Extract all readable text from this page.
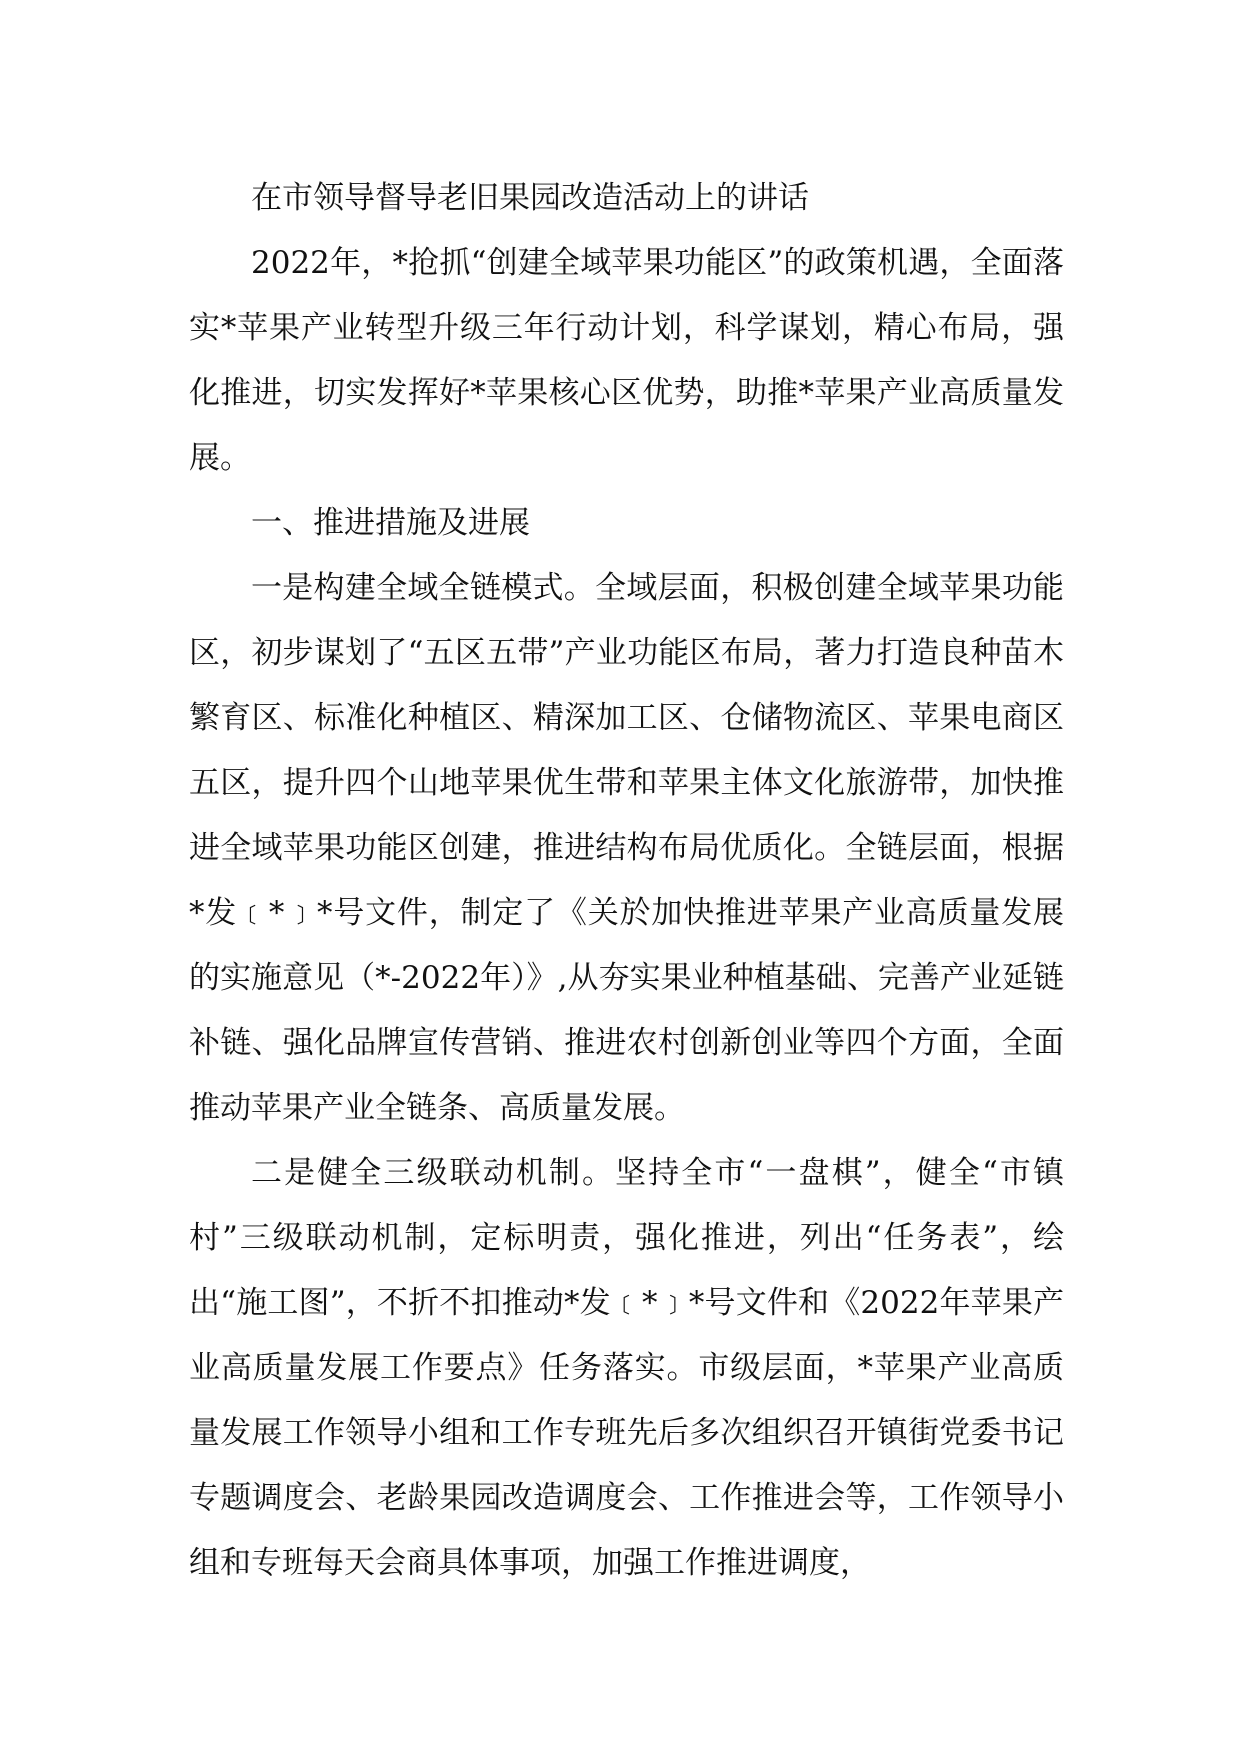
在市领导督导老旧果园改造活动上的讲话

2022年，*抢抓“创建全域苹果功能区”的政策机遇，全面落实*苹果产业转型升级三年行动计划，科学谋划，精心布局，强化推进，切实发挥好*苹果核心区优势，助推*苹果产业高质量发展。

一、推进措施及进展

一是构建全域全链模式。全域层面，积极创建全域苹果功能区，初步谋划了“五区五带”产业功能区布局，著力打造良种苗木繁育区、标准化种植区、精深加工区、仓储物流区、苹果电商区五区，提升四个山地苹果优生带和苹果主体文化旅游带，加快推进全域苹果功能区创建，推进结构布局优质化。全链层面，根据*发﹝*﹞*号文件，制定了《关於加快推进苹果产业高质量发展的实施意见（*-2022年）》,从夯实果业种植基础、完善产业延链补链、强化品牌宣传营销、推进农村创新创业等四个方面，全面推动苹果产业全链条、高质量发展。

二是健全三级联动机制。坚持全市“一盘棋”，健全“市镇村”三级联动机制，定标明责，强化推进，列出“任务表”，绘出“施工图”，不折不扣推动*发﹝*﹞*号文件和《2022年苹果产业高质量发展工作要点》任务落实。市级层面，*苹果产业高质量发展工作领导小组和工作专班先后多次组织召开镇街党委书记专题调度会、老龄果园改造调度会、工作推进会等，工作领导小组和专班每天会商具体事项，加强工作推进调度，
